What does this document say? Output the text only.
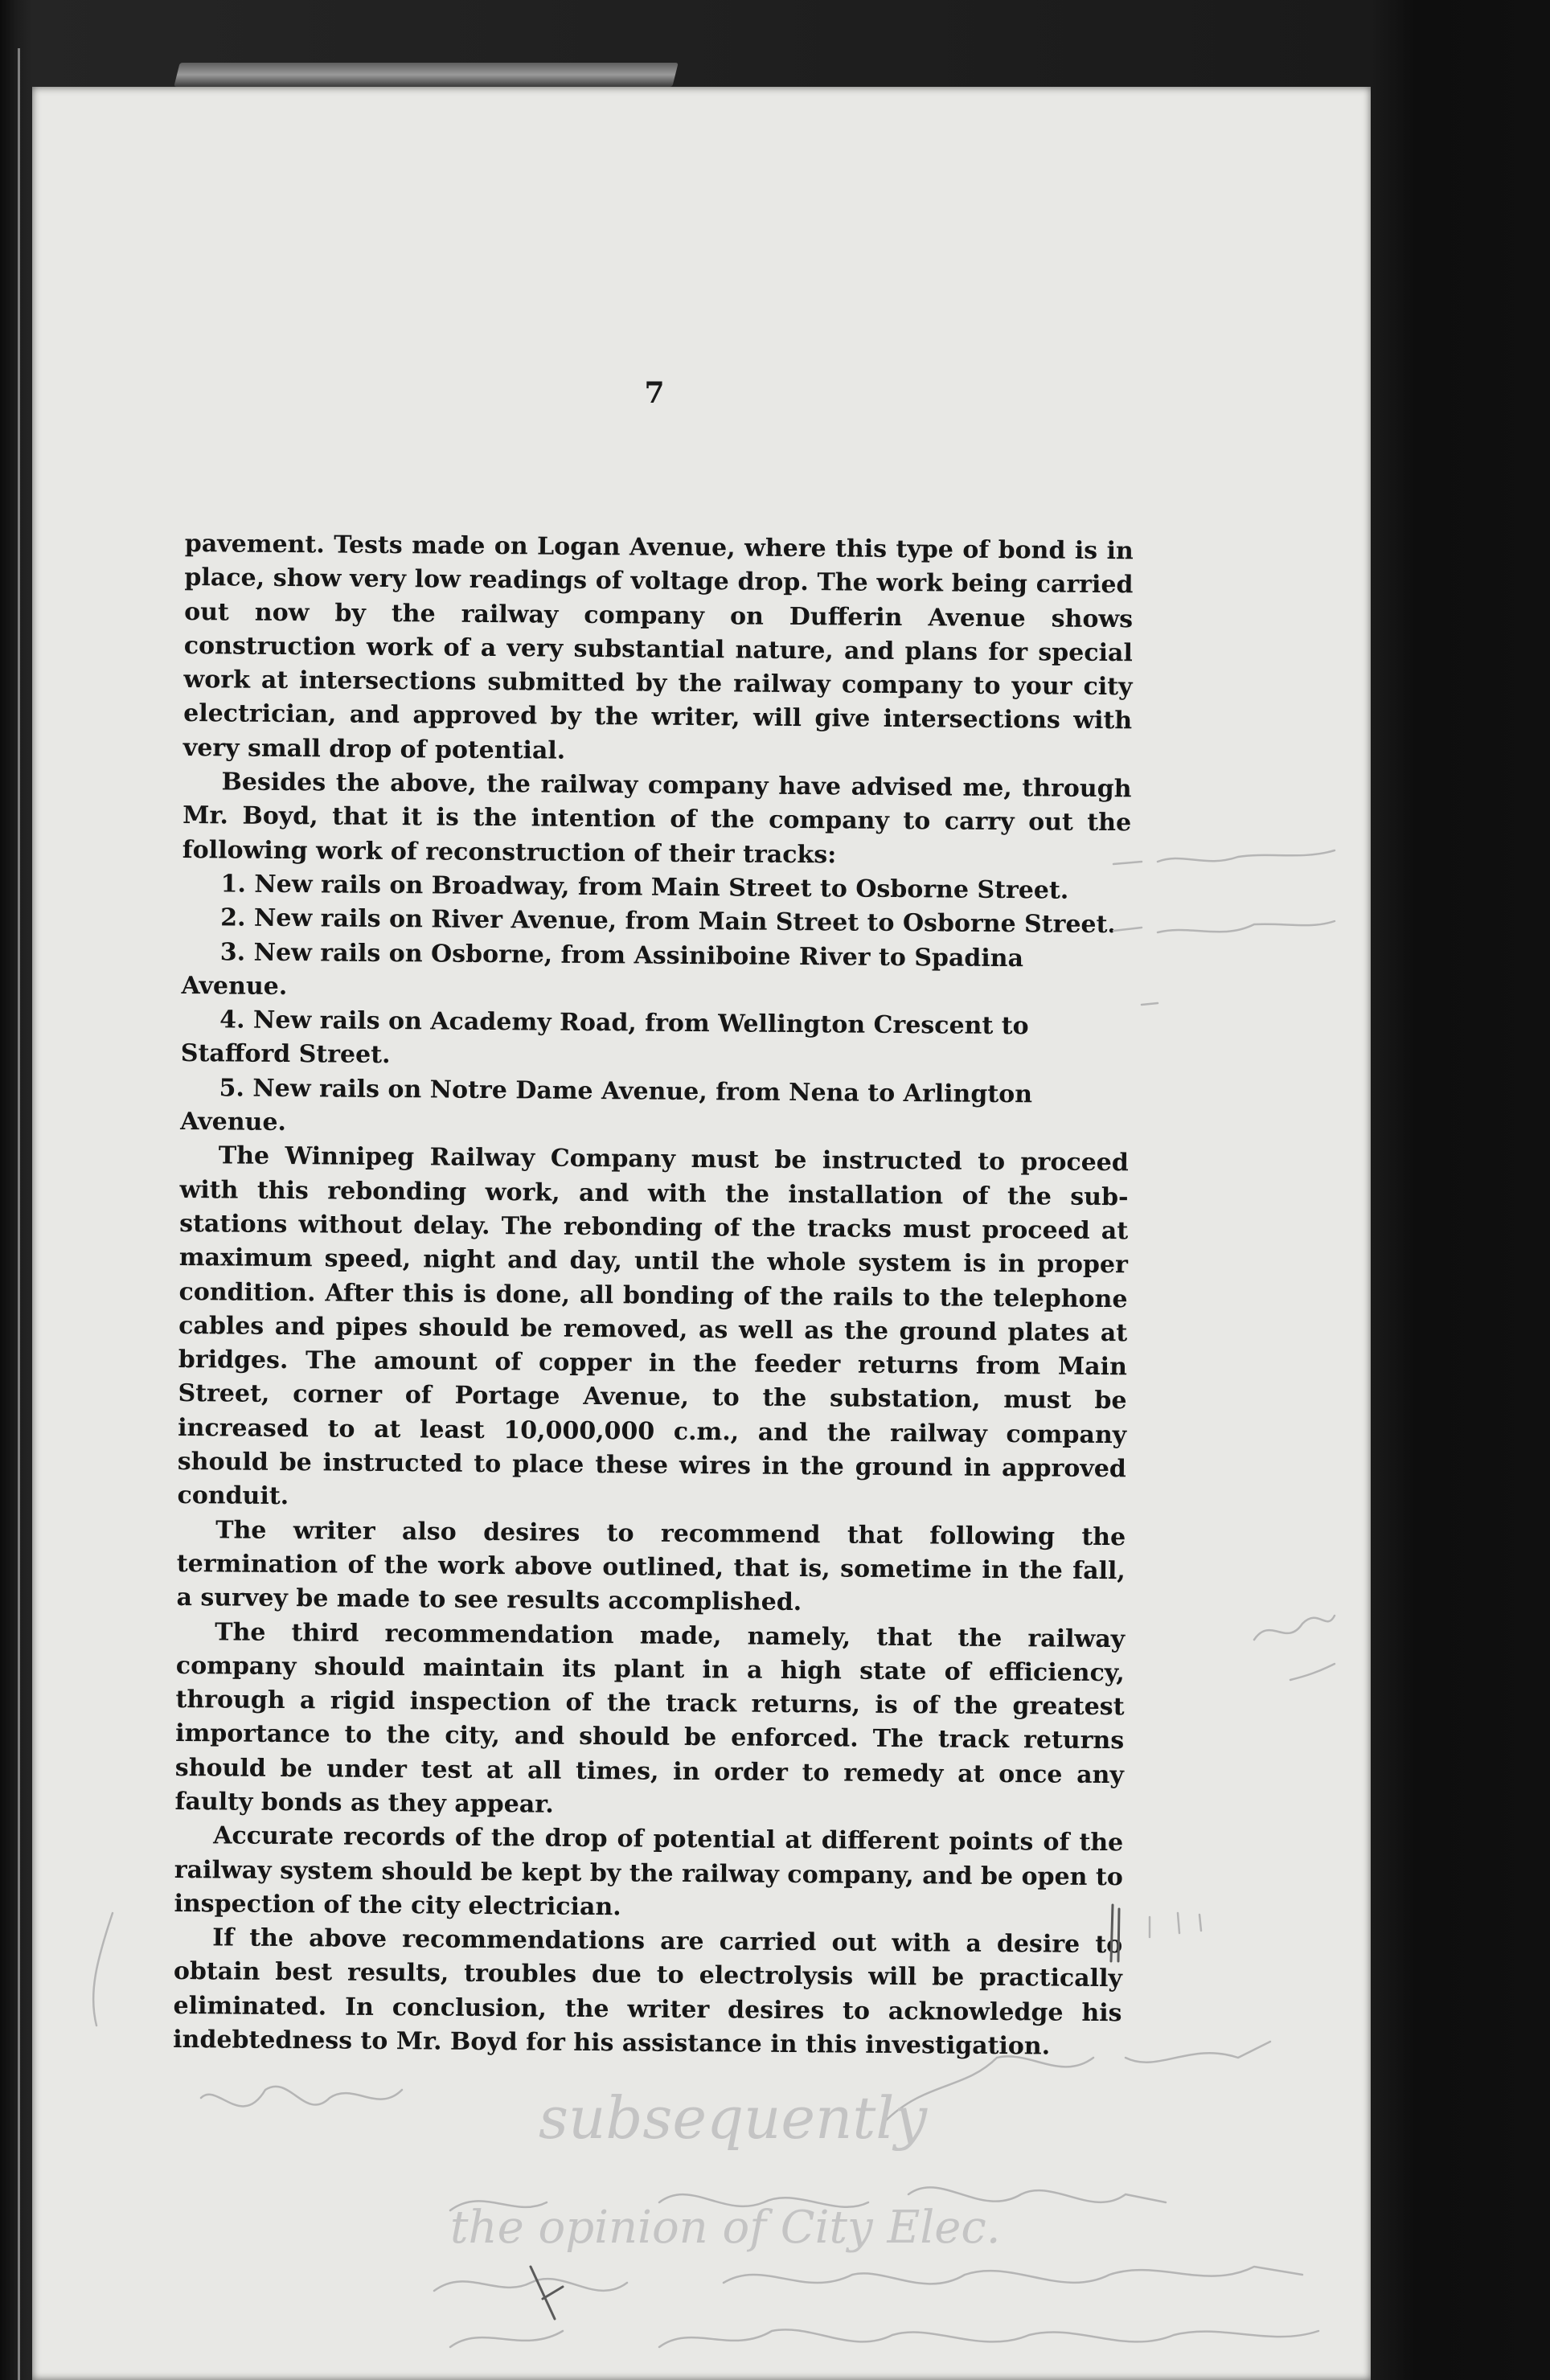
7

pavement. Tests made on Logan Avenue, where this type of bond is in place, show very low readings of voltage drop. The work being carried out now by the railway company on Dufferin Avenue shows construction work of a very substantial nature, and plans for special work at intersections submitted by the railway company to your city electrician, and approved by the writer, will give intersections with very small drop of potential.

Besides the above, the railway company have advised me, through Mr. Boyd, that it is the intention of the company to carry out the following work of reconstruction of their tracks:

1. New rails on Broadway, from Main Street to Osborne Street.

2. New rails on River Avenue, from Main Street to Osborne Street.

3. New rails on Osborne, from Assiniboine River to Spadina Avenue.

4. New rails on Academy Road, from Wellington Crescent to Stafford Street.

5. New rails on Notre Dame Avenue, from Nena to Arlington Avenue.

The Winnipeg Railway Company must be instructed to proceed with this rebonding work, and with the installation of the sub-stations without delay. The rebonding of the tracks must proceed at maximum speed, night and day, until the whole system is in proper condition. After this is done, all bonding of the rails to the telephone cables and pipes should be removed, as well as the ground plates at bridges. The amount of copper in the feeder returns from Main Street, corner of Portage Avenue, to the substation, must be increased to at least 10,000,000 c.m., and the railway company should be instructed to place these wires in the ground in approved conduit.

The writer also desires to recommend that following the termination of the work above outlined, that is, sometime in the fall, a survey be made to see results accomplished.

The third recommendation made, namely, that the railway company should maintain its plant in a high state of efficiency, through a rigid inspection of the track returns, is of the greatest importance to the city, and should be enforced. The track returns should be under test at all times, in order to remedy at once any faulty bonds as they appear.

Accurate records of the drop of potential at different points of the railway system should be kept by the railway company, and be open to inspection of the city electrician.

If the above recommendations are carried out with a desire to obtain best results, troubles due to electrolysis will be practically eliminated. In conclusion, the writer desires to acknowledge his indebtedness to Mr. Boyd for his assistance in this investigation.

subsequently
the opinion of City Elec.
